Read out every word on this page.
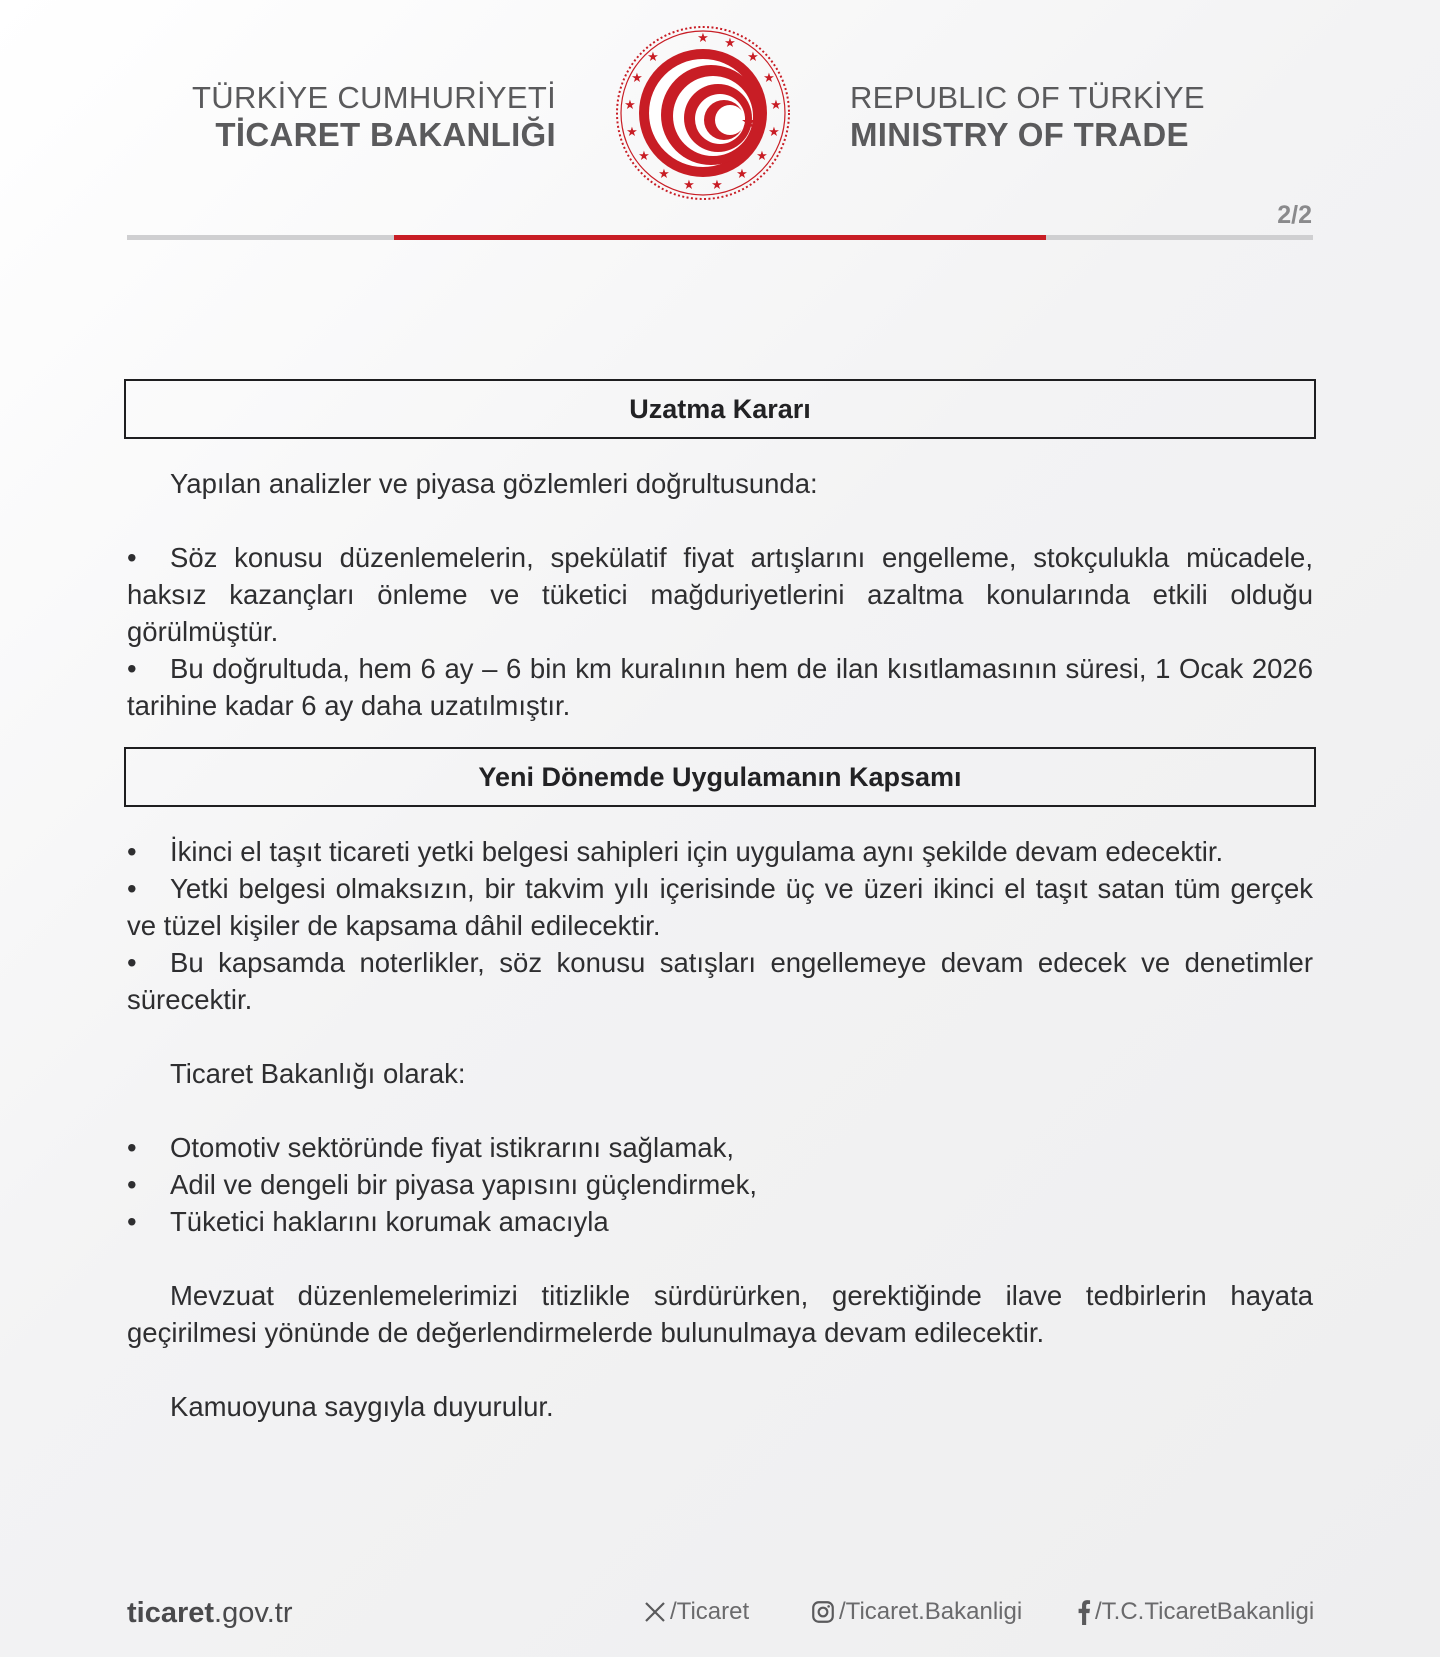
TÜRKİYE CUMHURİYETİ
TİCARET BAKANLIĞI
★ ★
★
★
★
★
★
★
★
★
★
★
★
★
★
★
★
REPUBLIC OF TÜRKİYE
MINISTRY OF TRADE
2/2
Uzatma Kararı

Yapılan analizler ve piyasa gözlemleri doğrultusunda:

• Söz konusu düzenlemelerin, spekülatif fiyat artışlarını engelleme, stokçulukla mücadele, haksız kazançları önleme ve tüketici mağduriyetlerini azaltma konularında etkili olduğu görülmüştür.

• Bu doğrultuda, hem 6 ay – 6 bin km kuralının hem de ilan kısıtlamasının süresi, 1 Ocak 2026 tarihine kadar 6 ay daha uzatılmıştır.

Yeni Dönemde Uygulamanın Kapsamı

• İkinci el taşıt ticareti yetki belgesi sahipleri için uygulama aynı şekilde devam edecektir.

• Yetki belgesi olmaksızın, bir takvim yılı içerisinde üç ve üzeri ikinci el taşıt satan tüm gerçek ve tüzel kişiler de kapsama dâhil edilecektir.

• Bu kapsamda noterlikler, söz konusu satışları engellemeye devam edecek ve denetimler sürecektir.

Ticaret Bakanlığı olarak:

• Otomotiv sektöründe fiyat istikrarını sağlamak,

• Adil ve dengeli bir piyasa yapısını güçlendirmek,

• Tüketici haklarını korumak amacıyla

Mevzuat düzenlemelerimizi titizlikle sürdürürken, gerektiğinde ilave tedbirlerin hayata geçirilmesi yönünde de değerlendirmelerde bulunulmaya devam edilecektir.

Kamuoyuna saygıyla duyurulur.

ticaret.gov.tr	/Ticaret	/Ticaret.Bakanligi	/T.C.TicaretBakanligi
